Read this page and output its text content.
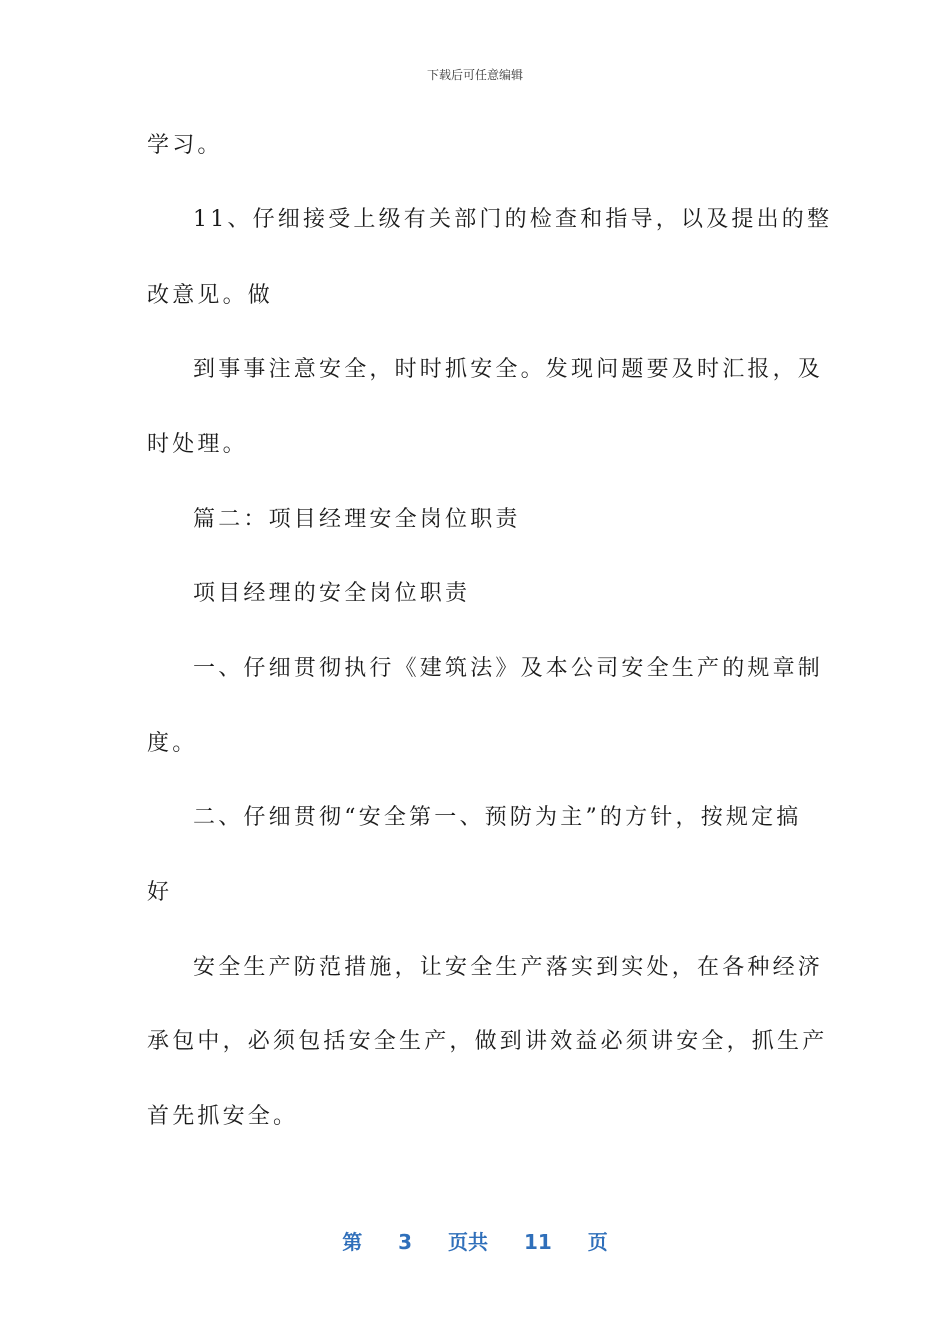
下载后可任意编辑
学习。
11、仔细接受上级有关部门的检查和指导，以及提出的整
改意见。做
到事事注意安全，时时抓安全。发现问题要及时汇报，及
时处理。
篇二：项目经理安全岗位职责
项目经理的安全岗位职责
一、仔细贯彻执行《建筑法》及本公司安全生产的规章制
度。
二、仔细贯彻“安全第一、预防为主”的方针，按规定搞
好
安全生产防范措施，让安全生产落实到实处，在各种经济
承包中，必须包括安全生产，做到讲效益必须讲安全，抓生产
首先抓安全。
第 3 页共 11 页
